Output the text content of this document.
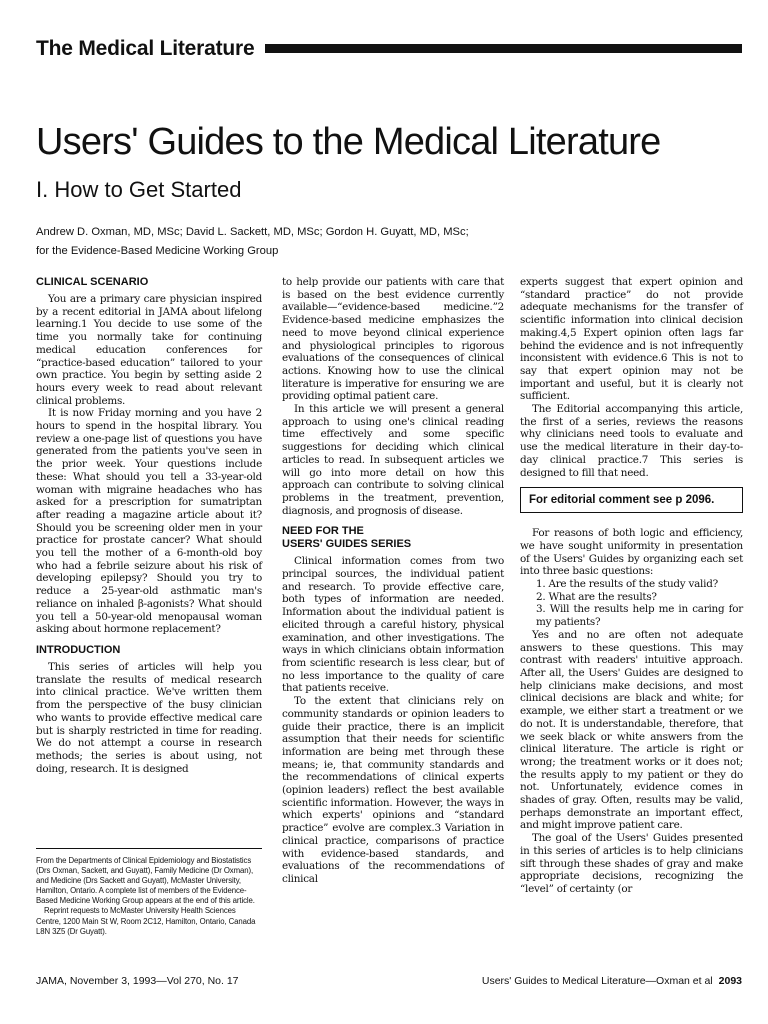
The Medical Literature
Users' Guides to the Medical Literature
I. How to Get Started
Andrew D. Oxman, MD, MSc; David L. Sackett, MD, MSc; Gordon H. Guyatt, MD, MSc;
for the Evidence-Based Medicine Working Group
CLINICAL SCENARIO

You are a primary care physician inspired by a recent editorial in JAMA about lifelong learning.1 You decide to use some of the time you normally take for continuing medical education conferences for “practice-based education” tailored to your own practice. You begin by setting aside 2 hours every week to read about relevant clinical problems.

It is now Friday morning and you have 2 hours to spend in the hospital library. You review a one-page list of questions you have generated from the patients you've seen in the prior week. Your questions include these: What should you tell a 33-year-old woman with migraine headaches who has asked for a prescription for sumatriptan after reading a magazine article about it? Should you be screening older men in your practice for prostate cancer? What should you tell the mother of a 6-month-old boy who had a febrile seizure about his risk of developing epilepsy? Should you try to reduce a 25-year-old asthmatic man's reliance on inhaled β-agonists? What should you tell a 50-year-old menopausal woman asking about hormone replacement?

INTRODUCTION

This series of articles will help you translate the results of medical research into clinical practice. We've written them from the perspective of the busy clinician who wants to provide effective medical care but is sharply restricted in time for reading. We do not attempt a course in research methods; the series is about using, not doing, research. It is designed

From the Departments of Clinical Epidemiology and Biostatistics (Drs Oxman, Sackett, and Guyatt), Family Medicine (Dr Oxman), and Medicine (Drs Sackett and Guyatt), McMaster University, Hamilton, Ontario. A complete list of members of the Evidence-Based Medicine Working Group appears at the end of this article.

Reprint requests to McMaster University Health Sciences Centre, 1200 Main St W, Room 2C12, Hamilton, Ontario, Canada L8N 3Z5 (Dr Guyatt).

to help provide our patients with care that is based on the best evidence currently available—“evidence-based medicine.”2 Evidence-based medicine emphasizes the need to move beyond clinical experience and physiological principles to rigorous evaluations of the consequences of clinical actions. Knowing how to use the clinical literature is imperative for ensuring we are providing optimal patient care.

In this article we will present a general approach to using one's clinical reading time effectively and some specific suggestions for deciding which clinical articles to read. In subsequent articles we will go into more detail on how this approach can contribute to solving clinical problems in the treatment, prevention, diagnosis, and prognosis of disease.

NEED FOR THE
USERS' GUIDES SERIES

Clinical information comes from two principal sources, the individual patient and research. To provide effective care, both types of information are needed. Information about the individual patient is elicited through a careful history, physical examination, and other investigations. The ways in which clinicians obtain information from scientific research is less clear, but of no less importance to the quality of care that patients receive.

To the extent that clinicians rely on community standards or opinion leaders to guide their practice, there is an implicit assumption that their needs for scientific information are being met through these means; ie, that community standards and the recommendations of clinical experts (opinion leaders) reflect the best available scientific information. However, the ways in which experts' opinions and “standard practice” evolve are complex.3 Variation in clinical practice, comparisons of practice with evidence-based standards, and evaluations of the recommendations of clinical

experts suggest that expert opinion and “standard practice” do not provide adequate mechanisms for the transfer of scientific information into clinical decision making.4,5 Expert opinion often lags far behind the evidence and is not infrequently inconsistent with evidence.6 This is not to say that expert opinion may not be important and useful, but it is clearly not sufficient.

The Editorial accompanying this article, the first of a series, reviews the reasons why clinicians need tools to evaluate and use the medical literature in their day-to-day clinical practice.7 This series is designed to fill that need.

For editorial comment see p 2096.

For reasons of both logic and efficiency, we have sought uniformity in presentation of the Users' Guides by organizing each set into three basic questions:

1. Are the results of the study valid?
2. What are the results?
3. Will the results help me in caring for my patients?

Yes and no are often not adequate answers to these questions. This may contrast with readers' intuitive approach. After all, the Users' Guides are designed to help clinicians make decisions, and most clinical decisions are black and white; for example, we either start a treatment or we do not. It is understandable, therefore, that we seek black or white answers from the clinical literature. The article is right or wrong; the treatment works or it does not; the results apply to my patient or they do not. Unfortunately, evidence comes in shades of gray. Often, results may be valid, perhaps demonstrate an important effect, and might improve patient care.

The goal of the Users' Guides presented in this series of articles is to help clinicians sift through these shades of gray and make appropriate decisions, recognizing the “level” of certainty (or

JAMA, November 3, 1993—Vol 270, No. 17	Users' Guides to Medical Literature—Oxman et al 2093
